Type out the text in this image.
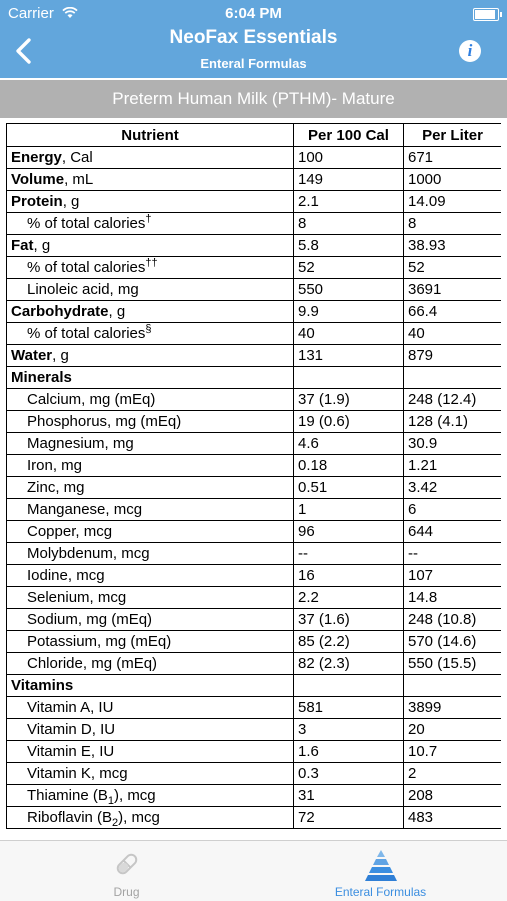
Carrier	6:04 PM
NeoFax Essentials
Enteral Formulas
i
Preterm Human Milk (PTHM)- Mature
Nutrient	Per 100 Cal	Per Liter
Energy, Cal	100	671
Volume, mL	149	1000
Protein, g	2.1	14.09
% of total calories†	8	8
Fat, g	5.8	38.93
% of total calories††	52	52
Linoleic acid, mg	550	3691
Carbohydrate, g	9.9	66.4
% of total calories§	40	40
Water, g	131	879
Minerals		
Calcium, mg (mEq)	37 (1.9)	248 (12.4)
Phosphorus, mg (mEq)	19 (0.6)	128 (4.1)
Magnesium, mg	4.6	30.9
Iron, mg	0.18	1.21
Zinc, mg	0.51	3.42
Manganese, mcg	1	6
Copper, mcg	96	644
Molybdenum, mcg	--	--
Iodine, mcg	16	107
Selenium, mcg	2.2	14.8
Sodium, mg (mEq)	37 (1.6)	248 (10.8)
Potassium, mg (mEq)	85 (2.2)	570 (14.6)
Chloride, mg (mEq)	82 (2.3)	550 (15.5)
Vitamins		
Vitamin A, IU	581	3899
Vitamin D, IU	3	20
Vitamin E, IU	1.6	10.7
Vitamin K, mcg	0.3	2
Thiamine $(B_1)$, mcg	31	208
Riboflavin $(B_2)$, mcg	72	483
Drug	Enteral Formulas
